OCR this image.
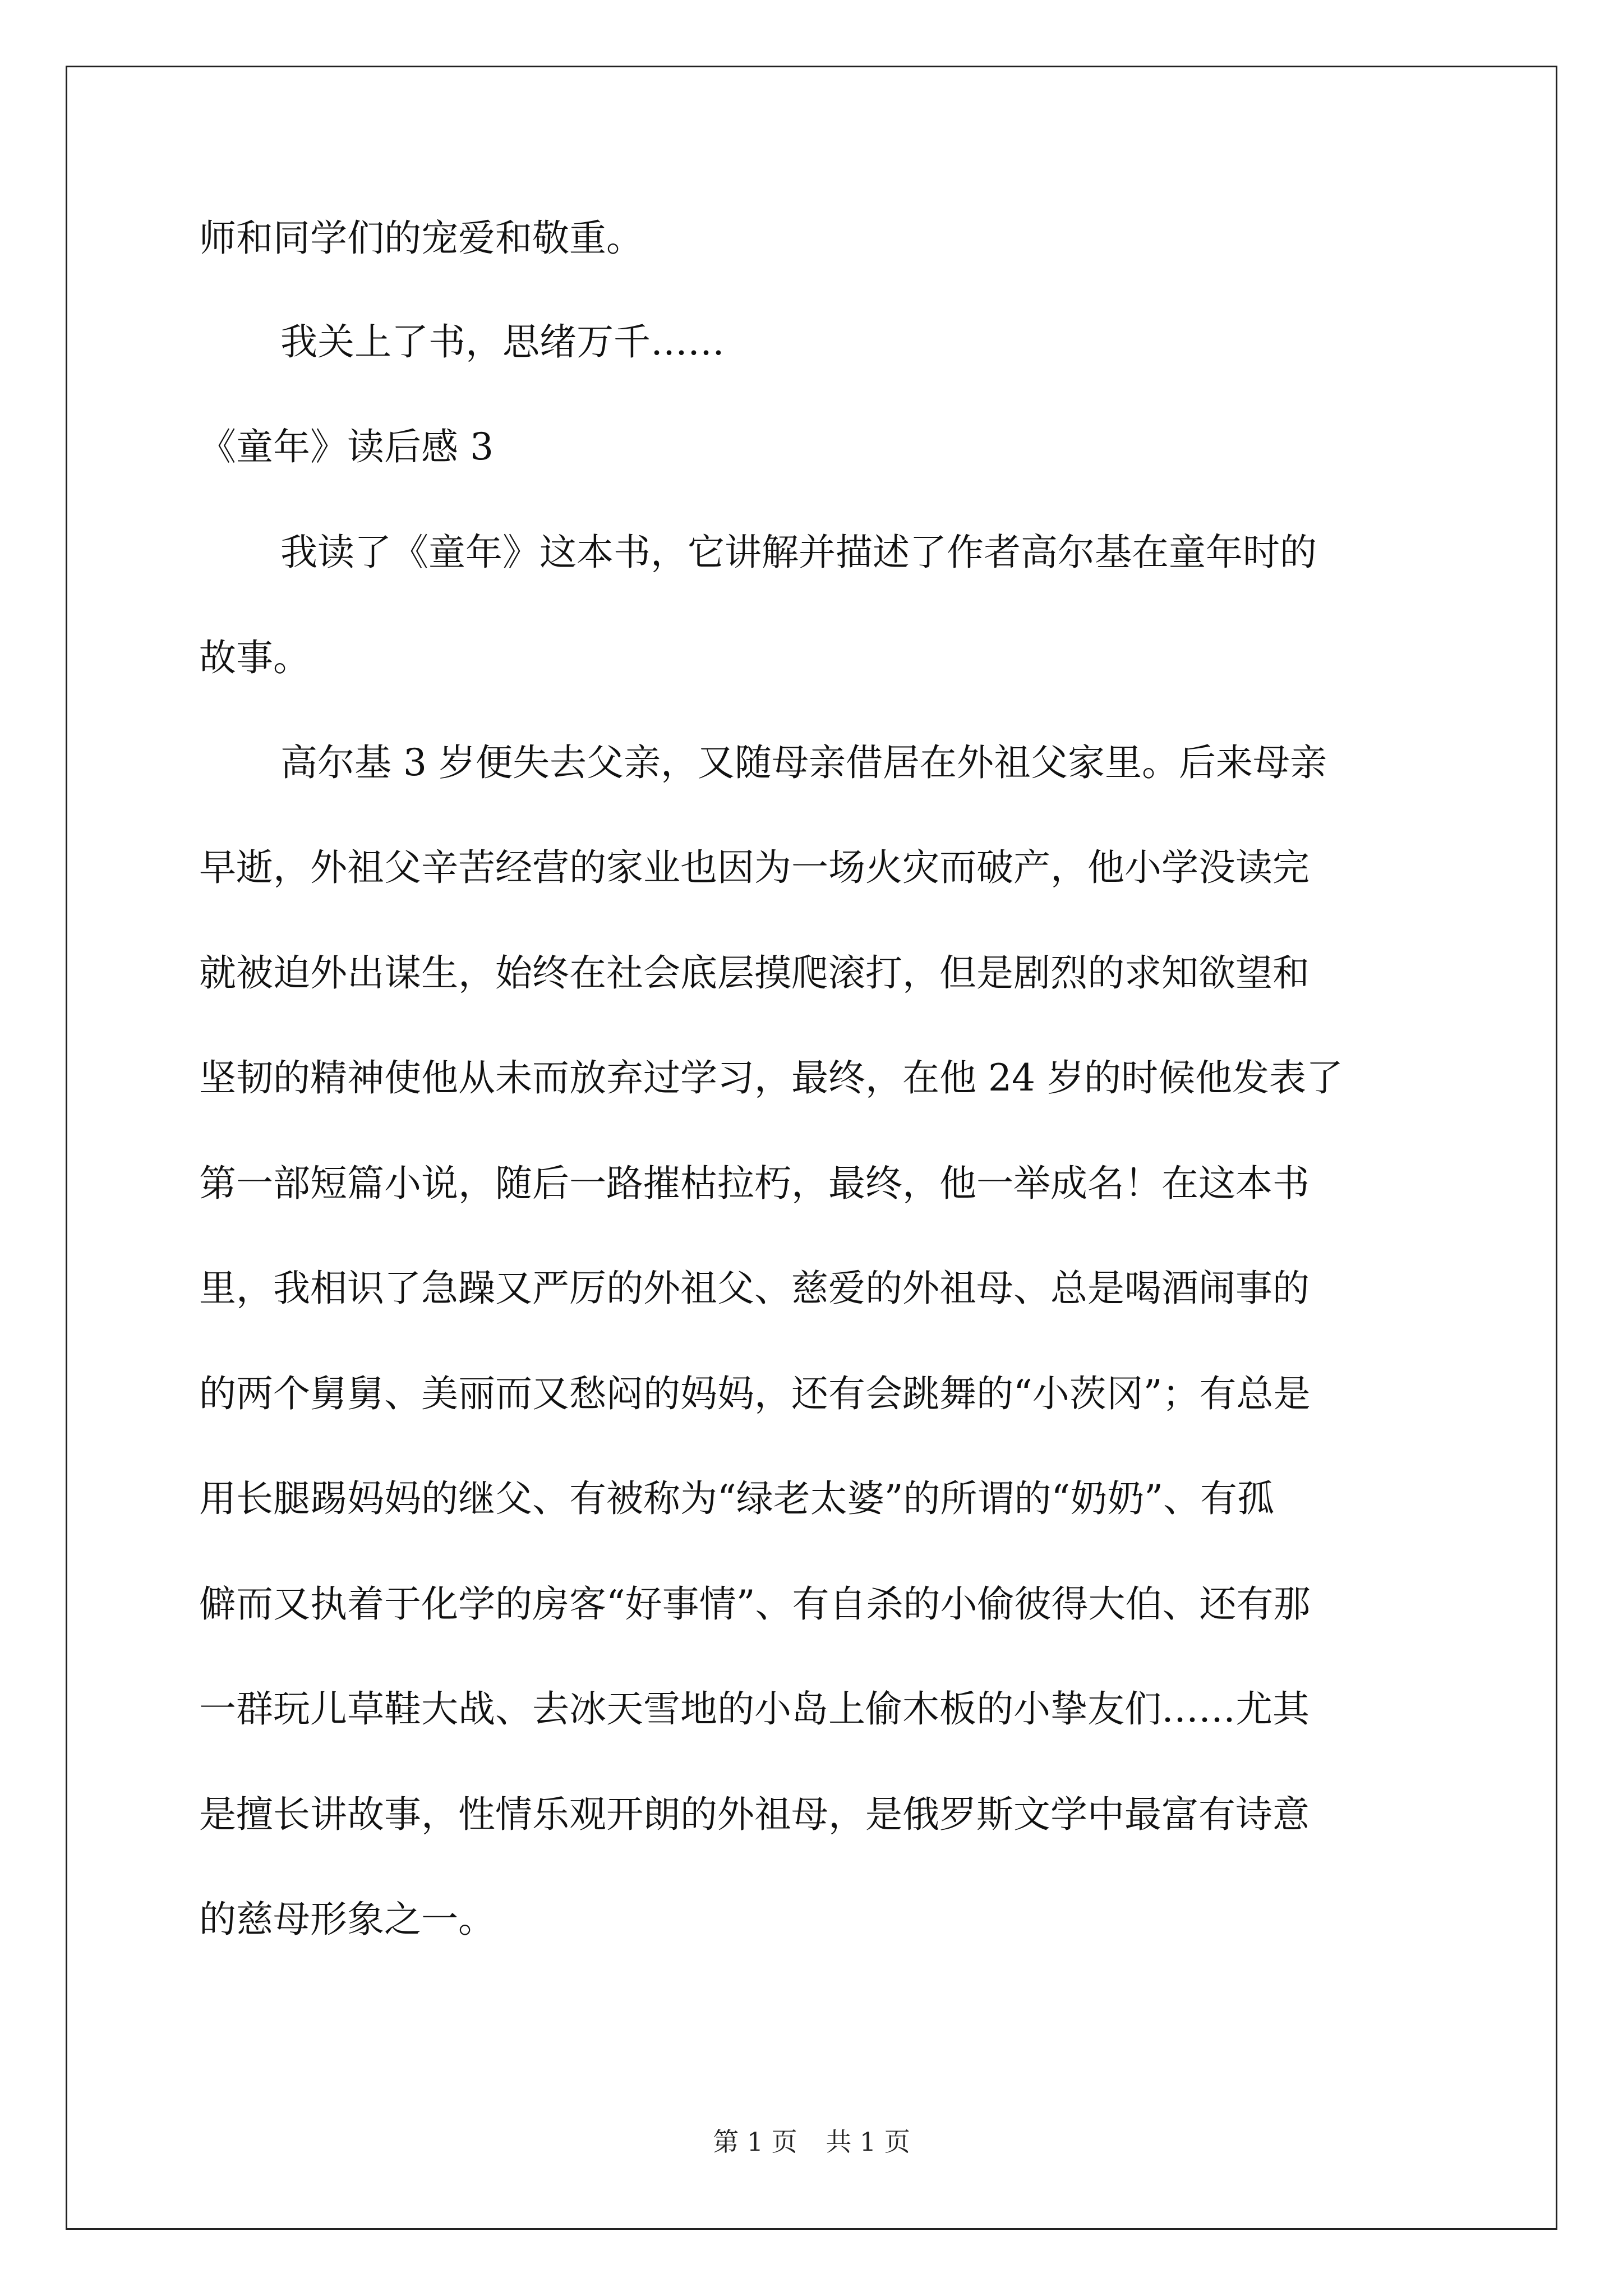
师和同学们的宠爱和敬重。

我关上了书，思绪万千……

《童年》读后感 3

我读了《童年》这本书，它讲解并描述了作者高尔基在童年时的

故事。

高尔基 3 岁便失去父亲，又随母亲借居在外祖父家里。后来母亲

早逝，外祖父辛苦经营的家业也因为一场火灾而破产，他小学没读完

就被迫外出谋生，始终在社会底层摸爬滚打，但是剧烈的求知欲望和

坚韧的精神使他从未而放弃过学习，最终，在他 24 岁的时候他发表了

第一部短篇小说，随后一路摧枯拉朽，最终，他一举成名！在这本书

里，我相识了急躁又严厉的外祖父、慈爱的外祖母、总是喝酒闹事的

的两个舅舅、美丽而又愁闷的妈妈，还有会跳舞的“小茨冈”；有总是

用长腿踢妈妈的继父、有被称为“绿老太婆”的所谓的“奶奶”、有孤

僻而又执着于化学的房客“好事情”、有自杀的小偷彼得大伯、还有那

一群玩儿草鞋大战、去冰天雪地的小岛上偷木板的小挚友们……尤其

是擅长讲故事，性情乐观开朗的外祖母，是俄罗斯文学中最富有诗意

的慈母形象之一。

第 1 页 共 1 页
